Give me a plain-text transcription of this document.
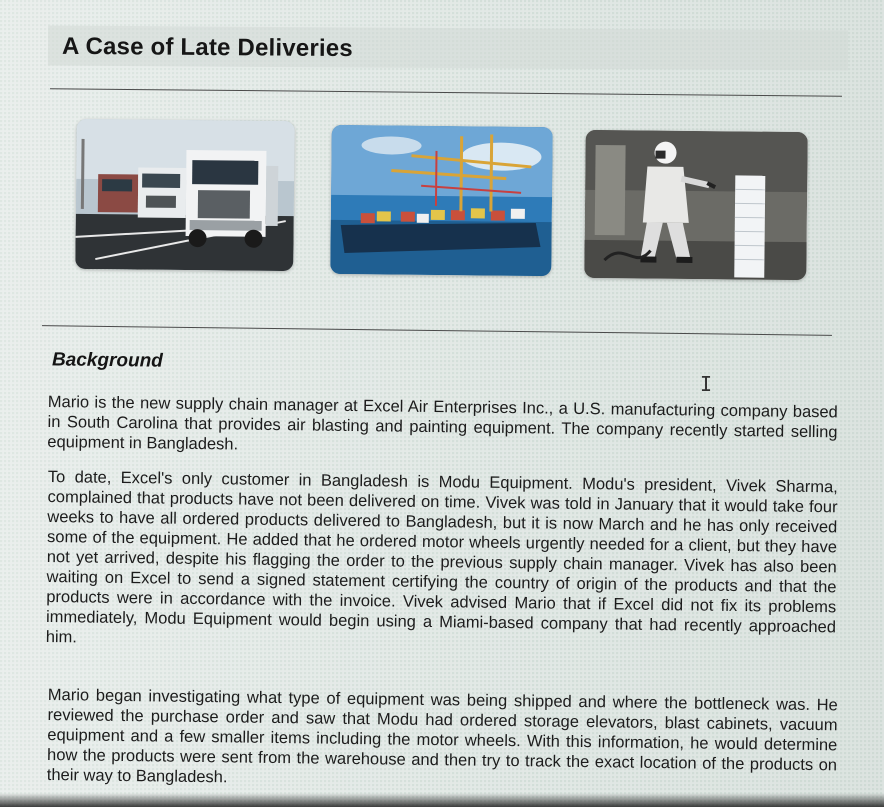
A Case of Late Deliveries
Background
I

Mario is the new supply chain manager at Excel Air Enterprises Inc., a U.S. manufacturing company based in South Carolina that provides air blasting and painting equipment. The company recently started selling equipment in Bangladesh.

To date, Excel's only customer in Bangladesh is Modu Equipment. Modu's president, Vivek Sharma, complained that products have not been delivered on time. Vivek was told in January that it would take four weeks to have all ordered products delivered to Bangladesh, but it is now March and he has only received some of the equipment. He added that he ordered motor wheels urgently needed for a client, but they have not yet arrived, despite his flagging the order to the previous supply chain manager. Vivek has also been waiting on Excel to send a signed statement certifying the country of origin of the products and that the products were in accordance with the invoice. Vivek advised Mario that if Excel did not fix its problems immediately, Modu Equipment would begin using a Miami-based company that had recently approached him.

Mario began investigating what type of equipment was being shipped and where the bottleneck was. He reviewed the purchase order and saw that Modu had ordered storage elevators, blast cabinets, vacuum equipment and a few smaller items including the motor wheels. With this information, he would determine how the products were sent from the warehouse and then try to track the exact location of the products on their way to Bangladesh.
